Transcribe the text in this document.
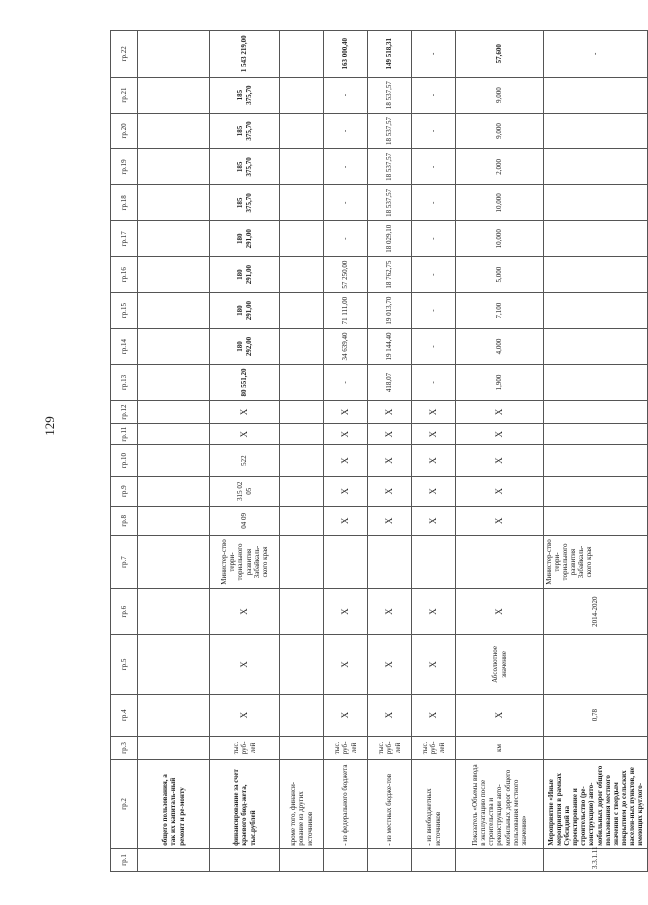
129
гр.1	гр.2	гр.3	гр.4	гр.5	гр.6	гр.7	гр.8	гр.9	гр.10	гр.11	гр.12	гр.13	гр.14	гр.15	гр.16	гр.17	гр.18	гр.19	гр.20	гр.21	гр.22
	общего пользования, а так их капиталь-ный ремонт и ре-монту																				
	финансирование за счет краевого бюд-жета, тыс.рублей	тыс. руб-лей	X	X	X	Министер-ство терри-ториального развития Забайкаль-ского края	04 09	315 02 05	522	X	X	80 551,20	180 292,00	180 291,00	180 291,00	180 291,00	185 375,70	185 375,70	185 375,70	185 375,70	1 543 219,00
	кроме того, финанси-рование из других источников																				
	- из федерального бюджета	тыс. руб-лей	X	X	X		X	X	X	X	X	-	34 639,40	71 111,00	57 250,00	-	-	-	-	-	163 000,40
	- из местных бюдже-тов	тыс. руб-лей	X	X	X		X	X	X	X	X	418,07	19 144,40	19 013,70	18 762,75	18 029,10	18 537,57	18 537,57	18 537,57	18 537,57	149 518,31
	- из внебюджетных источников	тыс. руб-лей	X	X	X		X	X	X	X	X	-	-	-	-	-	-	-	-	-	-
	Показатель «Объемы ввода в эксплуатацию после строительства и реконструкции авто-мобильных дорог общего пользования местного значения»	км	X	Абсолютное значение	X		X	X	X	X	X	1,900	4,000	7,100	5,000	10,000	10,000	2,000	9,000	9,000	57,600
3.3.1.11	Мероприятие «Иные мероприятия в рамках Субсидий на проектирование и строительство (ре-конструкцию) авто-мобильных дорог общего пользования местного значения с твердым покрытием до сельских населен-ных пунктов, не имеющих круглого-		0,78		2014-2020	Министер-ство терри-ториального развития Забайкаль-ского края															-
